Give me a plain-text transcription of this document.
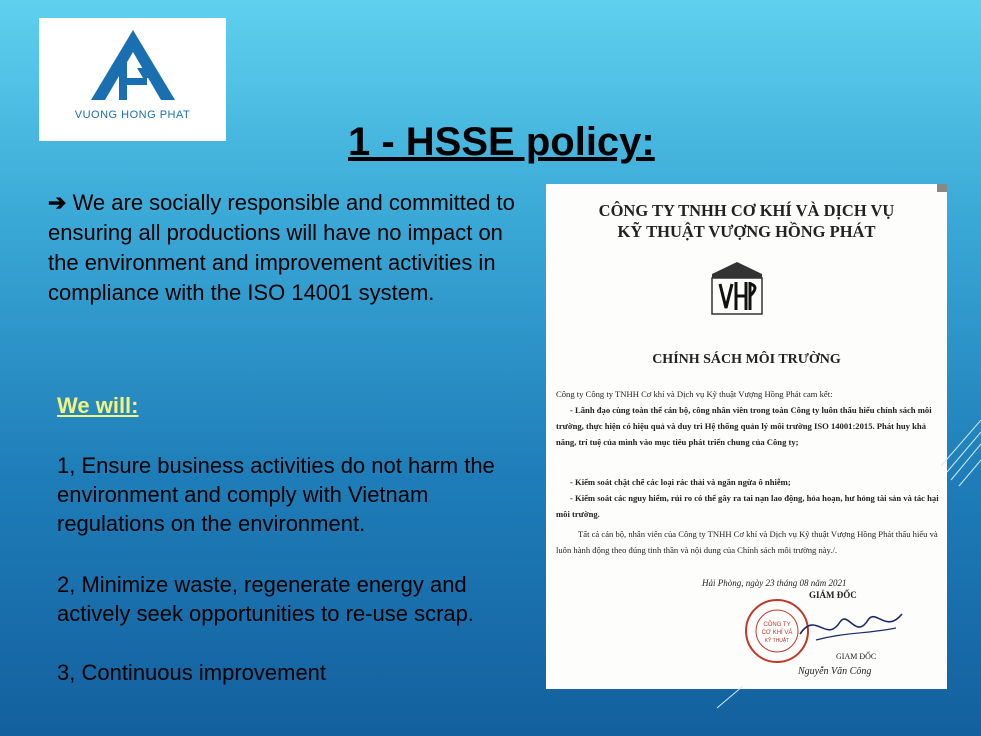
VUONG HONG PHAT
1 - HSSE policy:
➔ We are socially responsible and committed to ensuring all productions will have no impact on the environment and improvement activities in compliance with the ISO 14001 system.
We will:
1, Ensure business activities do not harm the environment and comply with Vietnam regulations on the environment.
2, Minimize waste, regenerate energy and actively seek opportunities to re-use scrap.
3, Continuous improvement
CÔNG TY TNHH CƠ KHÍ VÀ DỊCH VỤ
KỸ THUẬT VƯỢNG HỒNG PHÁT
CHÍNH SÁCH MÔI TRƯỜNG
Công ty Công ty TNHH Cơ khí và Dịch vụ Kỹ thuật Vượng Hồng Phát cam kết:
- Lãnh đạo cùng toàn thể cán bộ, công nhân viên trong toàn Công ty luôn thấu hiểu chính sách môi trường, thực hiện có hiệu quả và duy trì Hệ thống quản lý môi trường ISO 14001:2015. Phát huy khả năng, trí tuệ của mình vào mục tiêu phát triển chung của Công ty;
- Kiểm soát chặt chẽ các loại rác thải và ngăn ngừa ô nhiễm;
- Kiểm soát các nguy hiểm, rủi ro có thể gây ra tai nạn lao động, hỏa hoạn, hư hỏng tài sản và tác hại môi trường.
Tất cả cán bộ, nhân viên của Công ty TNHH Cơ khí và Dịch vụ Kỹ thuật Vượng Hồng Phát thấu hiểu và luôn hành động theo đúng tinh thần và nội dung của Chính sách môi trường này./.
Hải Phòng, ngày 23 tháng 08 năm 2021
GIÁM ĐỐC
CÔNG TY
CƠ KHÍ VÀ
KỸ THUẬT
GIAM ĐỐC
Nguyễn Văn Công
